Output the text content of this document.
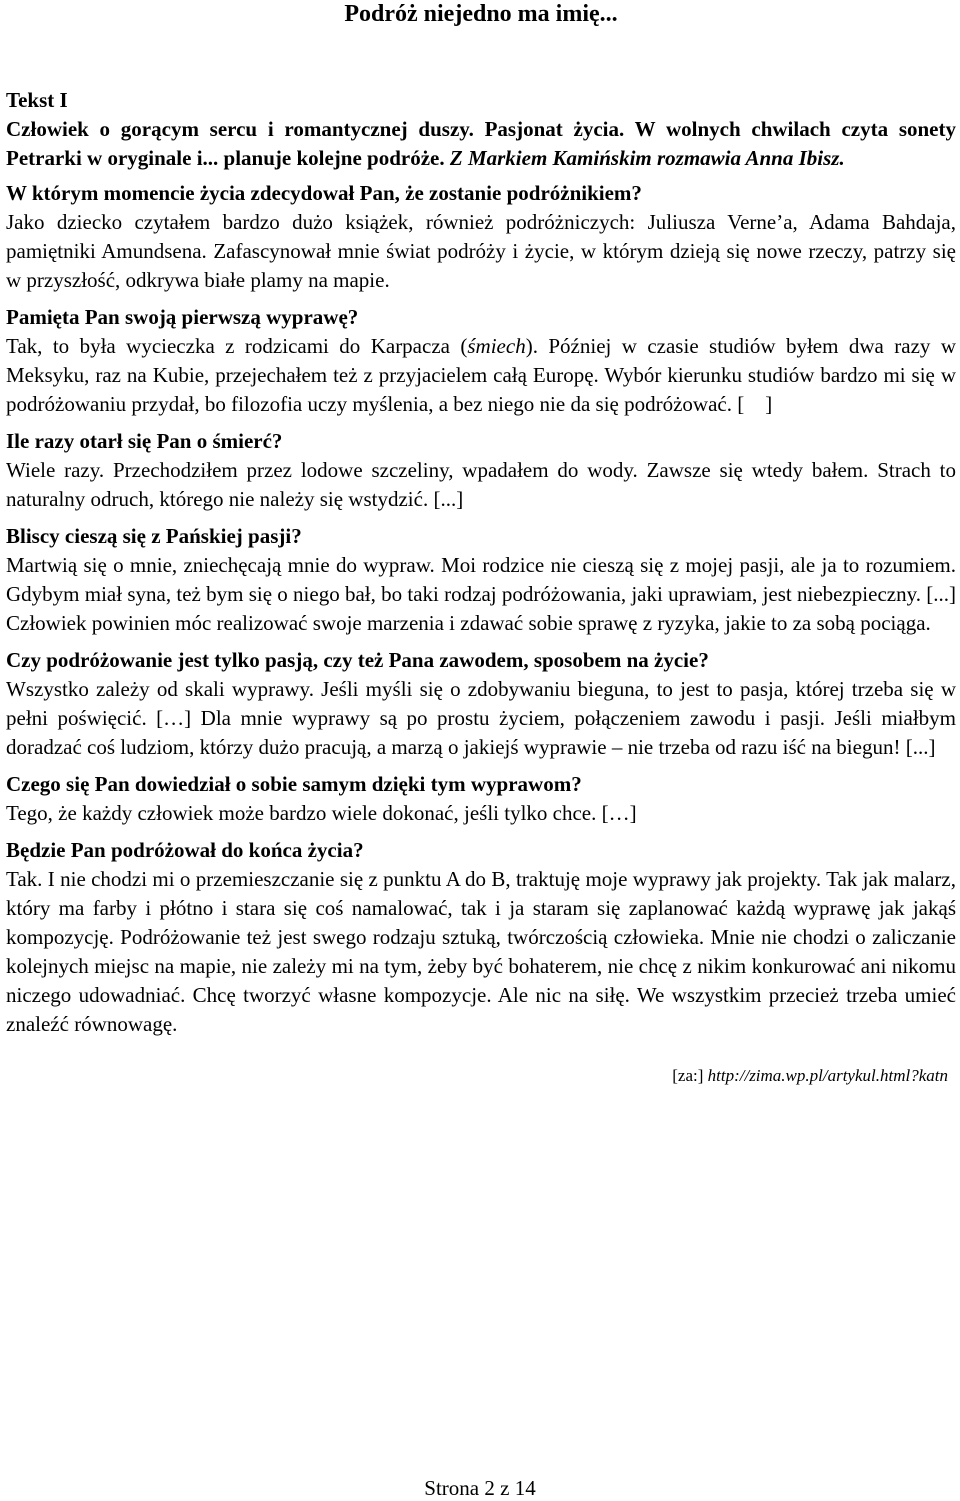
Podróż niejedno ma imię...
Tekst I
Człowiek o gorącym sercu i romantycznej duszy. Pasjonat życia. W wolnych chwilach czyta sonety Petrarki w oryginale i... planuje kolejne podróże. Z Markiem Kamińskim rozmawia Anna Ibisz.
W którym momencie życia zdecydował Pan, że zostanie podróżnikiem?
Jako dziecko czytałem bardzo dużo książek, również podróżniczych: Juliusza Verne’a, Adama Bahdaja, pamiętniki Amundsena. Zafascynował mnie świat podróży i życie, w którym dzieją się nowe rzeczy, patrzy się w przyszłość, odkrywa białe plamy na mapie.
Pamięta Pan swoją pierwszą wyprawę?
Tak, to była wycieczka z rodzicami do Karpacza (śmiech). Później w czasie studiów byłem dwa razy w Meksyku, raz na Kubie, przejechałem też z przyjacielem całą Europę. Wybór kierunku studiów bardzo mi się w podróżowaniu przydał, bo filozofia uczy myślenia, a bez niego nie da się podróżować. [ ]
Ile razy otarł się Pan o śmierć?
Wiele razy. Przechodziłem przez lodowe szczeliny, wpadałem do wody. Zawsze się wtedy bałem. Strach to naturalny odruch, którego nie należy się wstydzić. [...]
Bliscy cieszą się z Pańskiej pasji?
Martwią się o mnie, zniechęcają mnie do wypraw. Moi rodzice nie cieszą się z mojej pasji, ale ja to rozumiem. Gdybym miał syna, też bym się o niego bał, bo taki rodzaj podróżowania, jaki uprawiam, jest niebezpieczny. [...] Człowiek powinien móc realizować swoje marzenia i zdawać sobie sprawę z ryzyka, jakie to za sobą pociąga.
Czy podróżowanie jest tylko pasją, czy też Pana zawodem, sposobem na życie?
Wszystko zależy od skali wyprawy. Jeśli myśli się o zdobywaniu bieguna, to jest to pasja, której trzeba się w pełni poświęcić. […] Dla mnie wyprawy są po prostu życiem, połączeniem zawodu i pasji. Jeśli miałbym doradzać coś ludziom, którzy dużo pracują, a marzą o jakiejś wyprawie – nie trzeba od razu iść na biegun! [...]
Czego się Pan dowiedział o sobie samym dzięki tym wyprawom?
Tego, że każdy człowiek może bardzo wiele dokonać, jeśli tylko chce. […]
Będzie Pan podróżował do końca życia?
Tak. I nie chodzi mi o przemieszczanie się z punktu A do B, traktuję moje wyprawy jak projekty. Tak jak malarz, który ma farby i płótno i stara się coś namalować, tak i ja staram się zaplanować każdą wyprawę jak jakąś kompozycję. Podróżowanie też jest swego rodzaju sztuką, twórczością człowieka. Mnie nie chodzi o zaliczanie kolejnych miejsc na mapie, nie zależy mi na tym, żeby być bohaterem, nie chcę z nikim konkurować ani nikomu niczego udowadniać. Chcę tworzyć własne kompozycje. Ale nic na siłę. We wszystkim przecież trzeba umieć znaleźć równowagę.
[za:] http://zima.wp.pl/artykul.html?katn
Strona 2 z 14
